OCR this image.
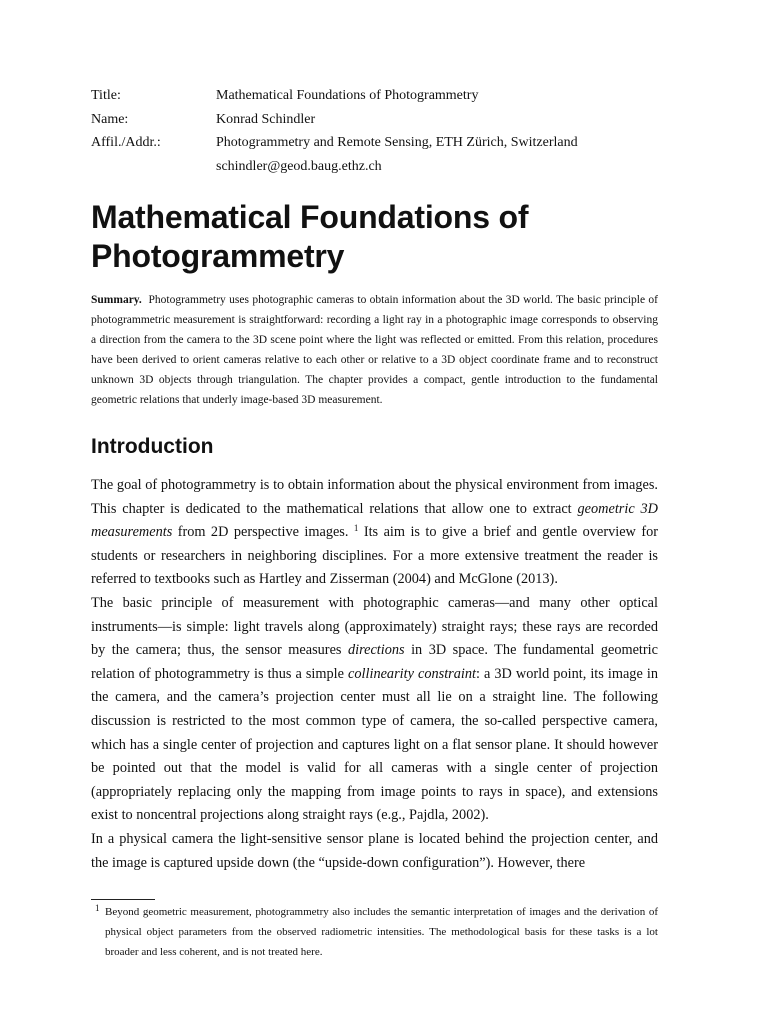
Title:	Mathematical Foundations of Photogrammetry
Name:	Konrad Schindler
Affil./Addr.:	Photogrammetry and Remote Sensing, ETH Zürich, Switzerland
schindler@geod.baug.ethz.ch
Mathematical Foundations of
Photogrammetry
Summary. Photogrammetry uses photographic cameras to obtain information about the 3D world. The basic principle of photogrammetric measurement is straightforward: recording a light ray in a photographic image corresponds to observing a direction from the camera to the 3D scene point where the light was reflected or emitted. From this relation, procedures have been derived to orient cameras relative to each other or relative to a 3D object coordinate frame and to reconstruct unknown 3D objects through triangulation. The chapter provides a compact, gentle introduction to the fundamental geometric relations that underly image-based 3D measurement.
Introduction

The goal of photogrammetry is to obtain information about the physical environment from images. This chapter is dedicated to the mathematical relations that allow one to extract geometric 3D measurements from 2D perspective images. $^1$ Its aim is to give a brief and gentle overview for students or researchers in neighboring disciplines. For a more extensive treatment the reader is referred to textbooks such as Hartley and Zisserman (2004) and McGlone (2013).

The basic principle of measurement with photographic cameras—and many other optical instruments—is simple: light travels along (approximately) straight rays; these rays are recorded by the camera; thus, the sensor measures directions in 3D space. The fundamental geometric relation of photogrammetry is thus a simple collinearity constraint: a 3D world point, its image in the camera, and the camera’s projection center must all lie on a straight line. The following discussion is restricted to the most common type of camera, the so-called perspective camera, which has a single center of projection and captures light on a flat sensor plane. It should however be pointed out that the model is valid for all cameras with a single center of projection (appropriately replacing only the mapping from image points to rays in space), and extensions exist to noncentral projections along straight rays (e.g., Pajdla, 2002).

In a physical camera the light-sensitive sensor plane is located behind the projection center, and the image is captured upside down (the “upside-down configuration”). However, there

1 Beyond geometric measurement, photogrammetry also includes the semantic interpretation of images and the derivation of physical object parameters from the observed radiometric intensities. The methodological basis for these tasks is a lot broader and less coherent, and is not treated here.
